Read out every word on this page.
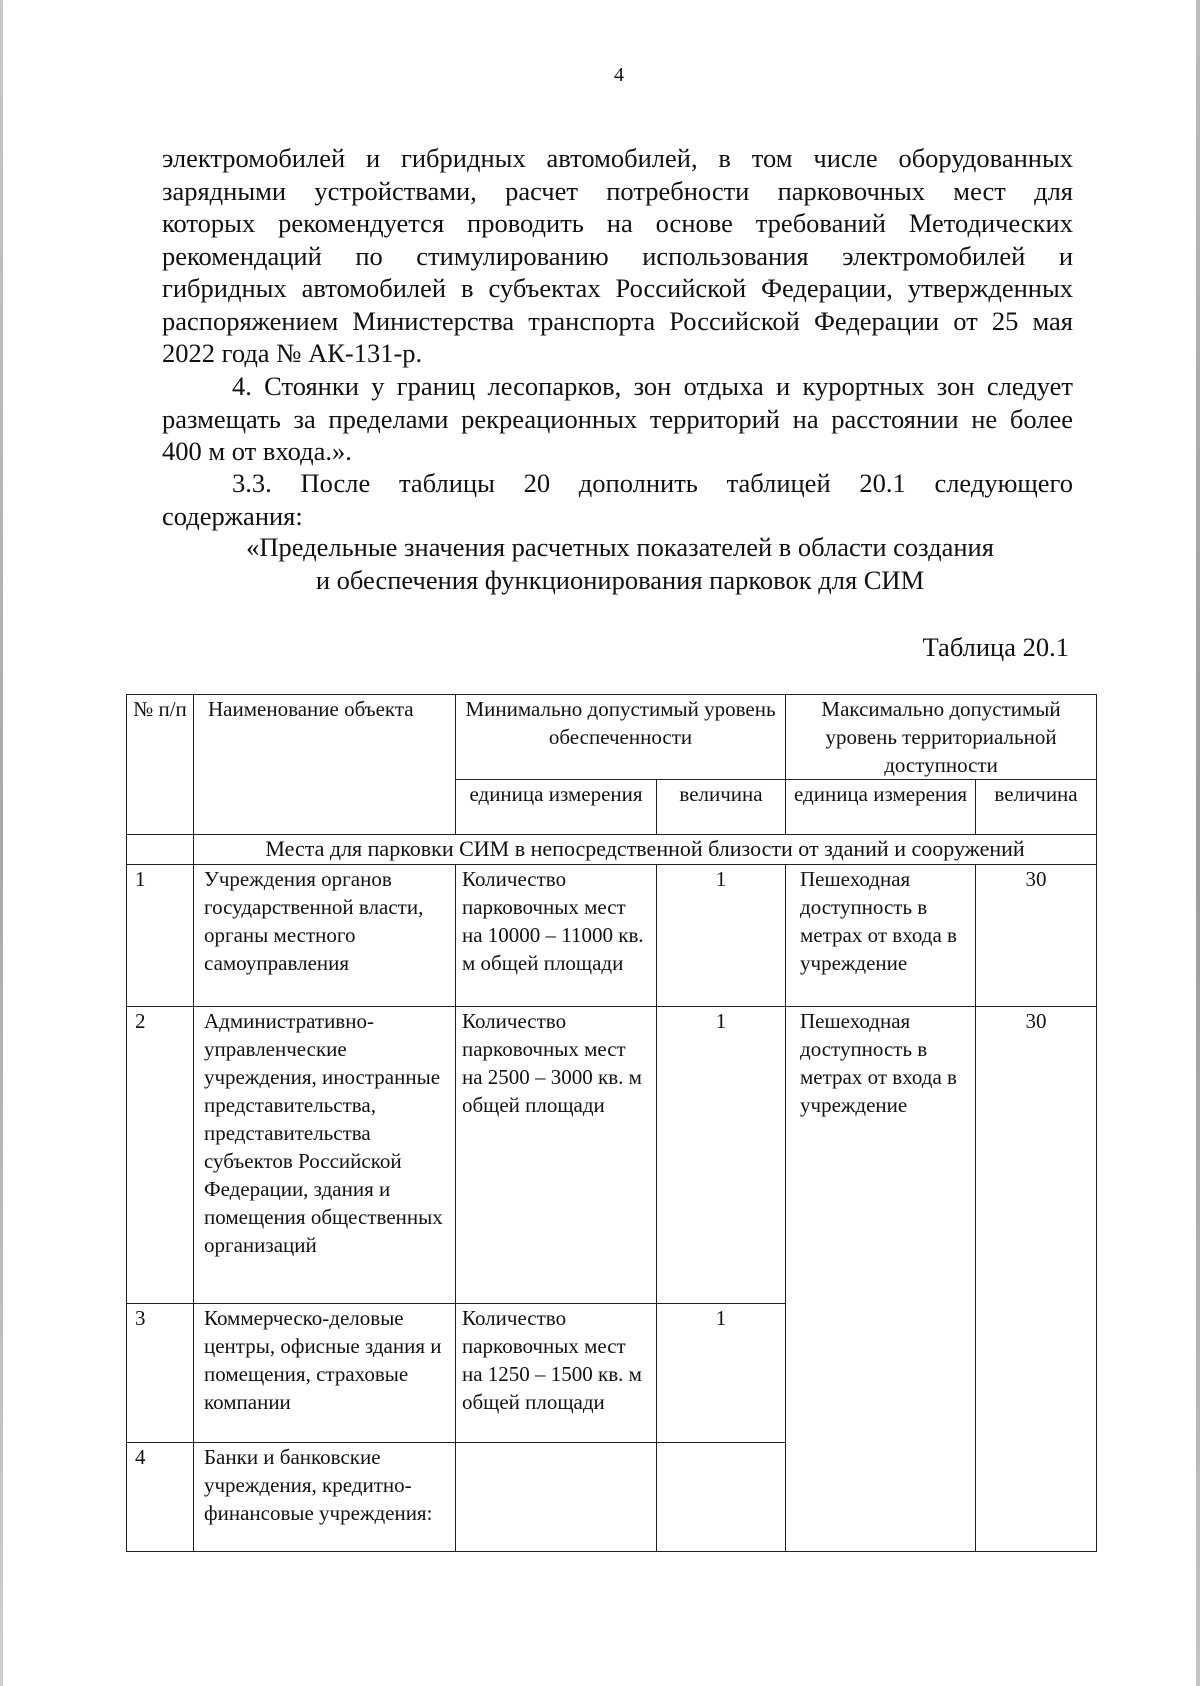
4
электромобилей и гибридных автомобилей, в том числе оборудованных
зарядными устройствами, расчет потребности парковочных мест для
которых рекомендуется проводить на основе требований Методических
рекомендаций по стимулированию использования электромобилей и
гибридных автомобилей в субъектах Российской Федерации, утвержденных
распоряжением Министерства транспорта Российской Федерации от 25 мая
2022 года № АК-131-р.
4. Стоянки у границ лесопарков, зон отдыха и курортных зон следует
размещать за пределами рекреационных территорий на расстоянии не более
400 м от входа.».
3.3. После таблицы 20 дополнить таблицей 20.1 следующего
содержания:
«Предельные значения расчетных показателей в области создания
и обеспечения функционирования парковок для СИМ
Таблица 20.1
№ п/п	Наименование объекта	Минимально допустимый уровень обеспеченности		Максимально допустимый уровень территориальной доступности	
		единица измерения	величина	единица измерения	величина
	Места для парковки СИМ в непосредственной близости от зданий и сооружений				
1	Учреждения органов государственной власти, органы местного самоуправления	Количество парковочных мест на 10000 – 11000 кв. м общей площади	1	Пешеходная доступность в метрах от входа в учреждение	30
2	Административно-управленческие учреждения, иностранные представительства, представительства субъектов Российской Федерации, здания и помещения общественных организаций	Количество парковочных мест на 2500 – 3000 кв. м общей площади	1	Пешеходная доступность в метрах от входа в учреждение	30
3	Коммерческо-деловые центры, офисные здания и помещения, страховые компании	Количество парковочных мест на 1250 – 1500 кв. м общей площади	1		
4	Банки и банковские учреждения, кредитно-финансовые учреждения:				
